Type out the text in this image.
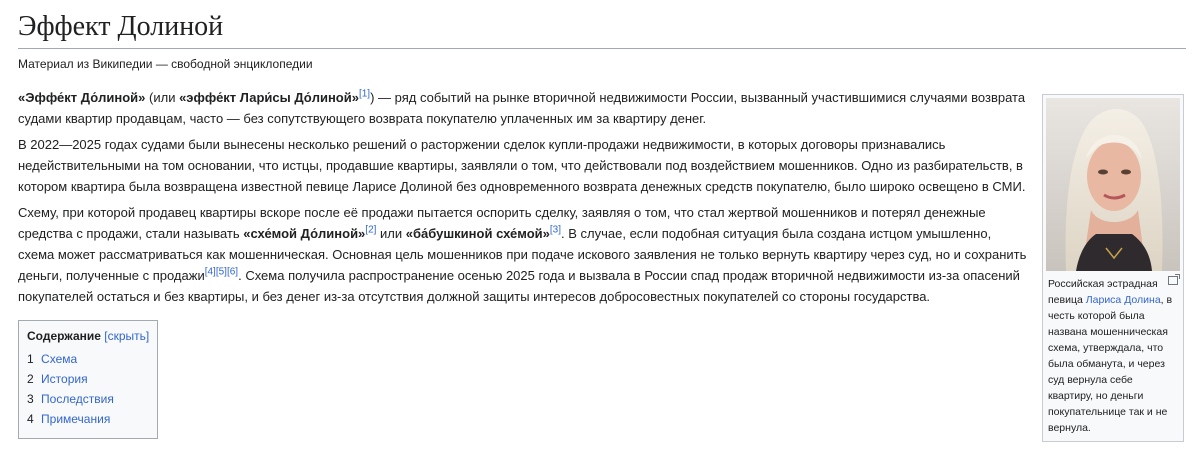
Эффект Долиной
Материал из Википедии — свободной энциклопедии

«Эффе́кт До́линой» (или «эффе́кт Лари́сы До́линой»[1]) — ряд событий на рынке вторичной недвижимости России, вызванный участившимися случаями возврата судами квартир продавцам, часто — без сопутствующего возврата покупателю уплаченных им за квартиру денег.

В 2022—2025 годах судами были вынесены несколько решений о расторжении сделок купли-продажи недвижимости, в которых договоры признавались недействительными на том основании, что истцы, продавшие квартиры, заявляли о том, что действовали под воздействием мошенников. Одно из разбирательств, в котором квартира была возвращена известной певице Ларисе Долиной без одновременного возврата денежных средств покупателю, было широко освещено в СМИ.

Схему, при которой продавец квартиры вскоре после её продажи пытается оспорить сделку, заявляя о том, что стал жертвой мошенников и потерял денежные средства с продажи, стали называть «схе́мой До́линой»[2] или «ба́бушкиной схе́мой»[3]. В случае, если подобная ситуация была создана истцом умышленно, схема может рассматриваться как мошенническая. Основная цель мошенников при подаче искового заявления не только вернуть квартиру через суд, но и сохранить деньги, полученные с продажи[4][5][6]. Схема получила распространение осенью 2025 года и вызвала в России спад продаж вторичной недвижимости из-за опасений покупателей остаться и без квартиры, и без денег из-за отсутствия должной защиты интересов добросовестных покупателей со стороны государства.

Содержание [скрыть]
1 Схема
2 История
3 Последствия
4 Примечания
Российская эстрадная певица Лариса Долина, в честь которой была названа мошенническая схема, утверждала, что была обманута, и через суд вернула себе квартиру, но деньги покупательнице так и не вернула.
